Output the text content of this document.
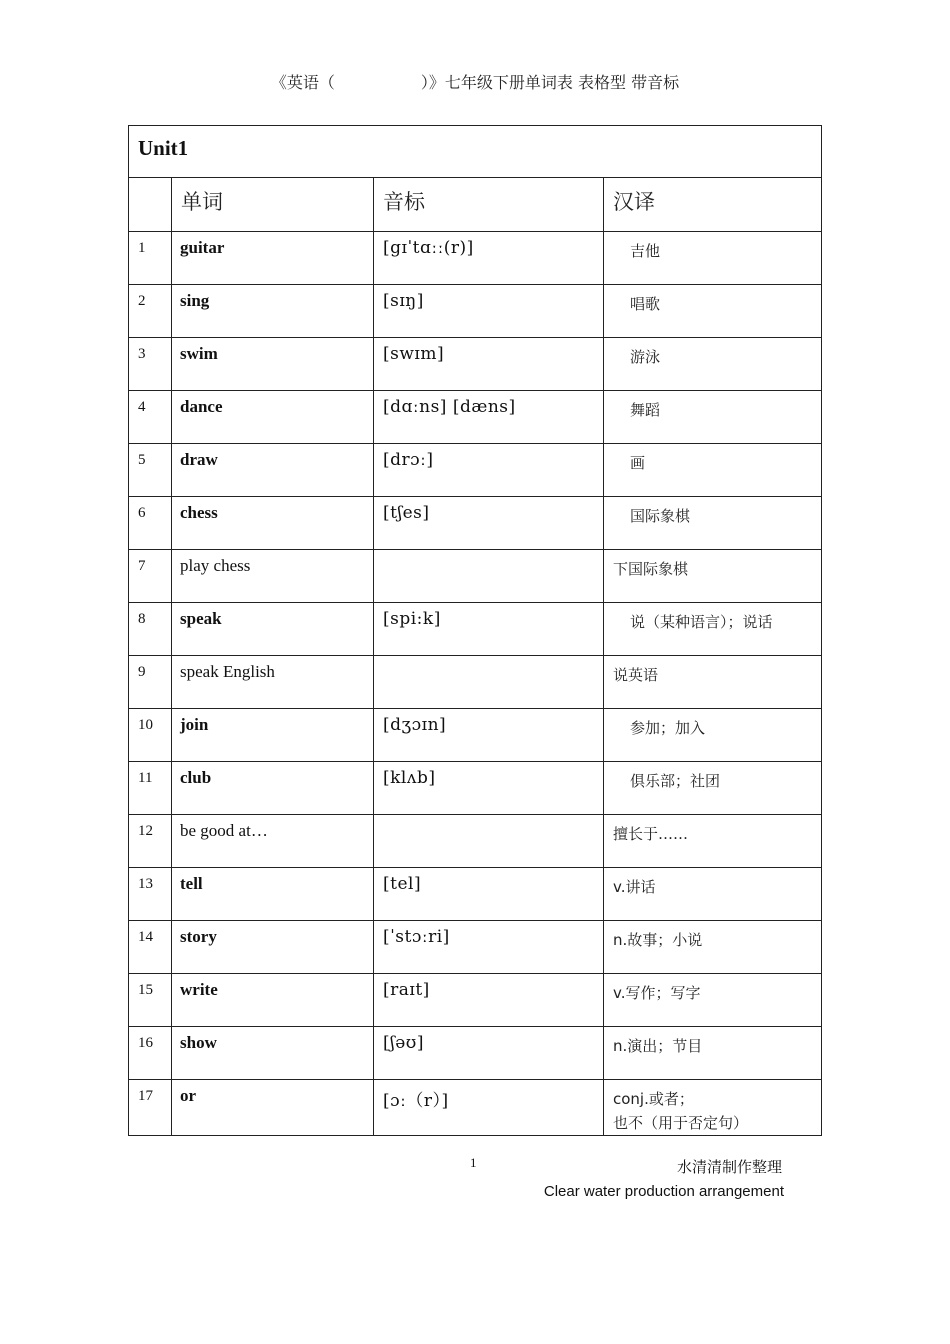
《英语（	）》七年级下册单词表 表格型 带音标
Unit1			

	单词	音标	汉译

1	guitar	[gɪˈtɑːː(r)]	吉他

2	sing	[sɪŋ]	唱歌

3	swim	[swɪm]	游泳

4	dance	[dɑːns] [dæns]	舞蹈

5	draw	[drɔː]	画

6	chess	[tʃes]	国际象棋

7	play chess		下国际象棋

8	speak	[spi:k]	说（某种语言）；说话

9	speak English		说英语

10	join	[dʒɔɪn]	参加；加入

11	club	[klʌb]	俱乐部；社团

12	be good at…		擅长于……

13	tell	[tel]	v.讲话

14	story	[ˈstɔːri]	n.故事；小说

15	write	[raɪt]	v.写作；写字

16	show	[ʃəʊ]	n.演出；节目

17	or	[ɔː（r）]	conj.或者；
也不（用于否定句）
1	水清清制作整理
Clear water production arrangement
